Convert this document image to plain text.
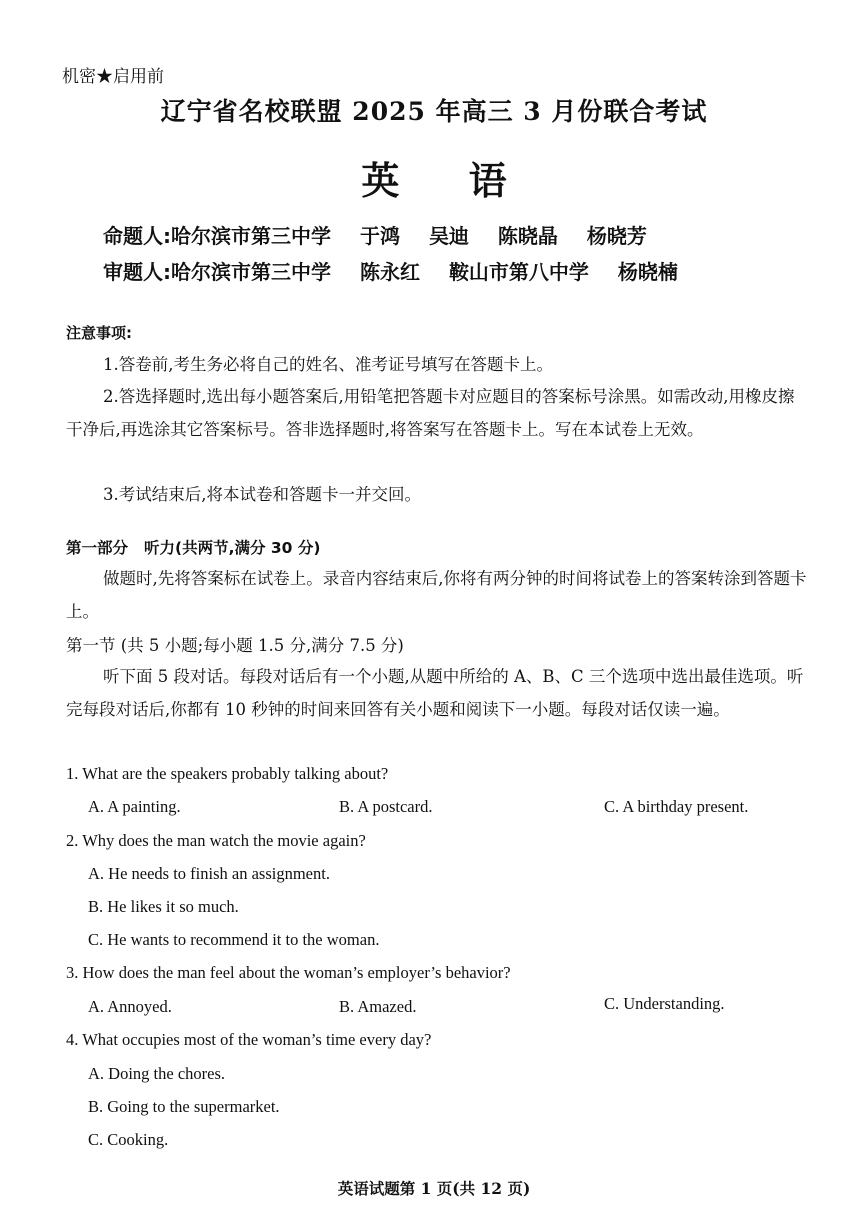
机密★启用前
辽宁省名校联盟 2025 年高三 3 月份联合考试
英 语
命题人:哈尔滨市第三中学 于鸿 吴迪 陈晓晶 杨晓芳
审题人:哈尔滨市第三中学 陈永红 鞍山市第八中学 杨晓楠
注意事项:
1.答卷前,考生务必将自己的姓名、准考证号填写在答题卡上。
2.答选择题时,选出每小题答案后,用铅笔把答题卡对应题目的答案标号涂黑。如需改动,用橡皮擦干净后,再选涂其它答案标号。答非选择题时,将答案写在答题卡上。写在本试卷上无效。
3.考试结束后,将本试卷和答题卡一并交回。
第一部分 听力(共两节,满分 30 分)
做题时,先将答案标在试卷上。录音内容结束后,你将有两分钟的时间将试卷上的答案转涂到答题卡上。
第一节 (共 5 小题;每小题 1.5 分,满分 7.5 分)
听下面 5 段对话。每段对话后有一个小题,从题中所给的 A、B、C 三个选项中选出最佳选项。听完每段对话后,你都有 10 秒钟的时间来回答有关小题和阅读下一小题。每段对话仅读一遍。
1. What are the speakers probably talking about?
A. A painting.	B. A postcard.	C. A birthday present.
2. Why does the man watch the movie again?
A. He needs to finish an assignment.
B. He likes it so much.
C. He wants to recommend it to the woman.
3. How does the man feel about the woman’s employer’s behavior?
A. Annoyed.	B. Amazed.	C. Understanding.
4. What occupies most of the woman’s time every day?
A. Doing the chores.
B. Going to the supermarket.
C. Cooking.
英语试题第 1 页(共 12 页)
